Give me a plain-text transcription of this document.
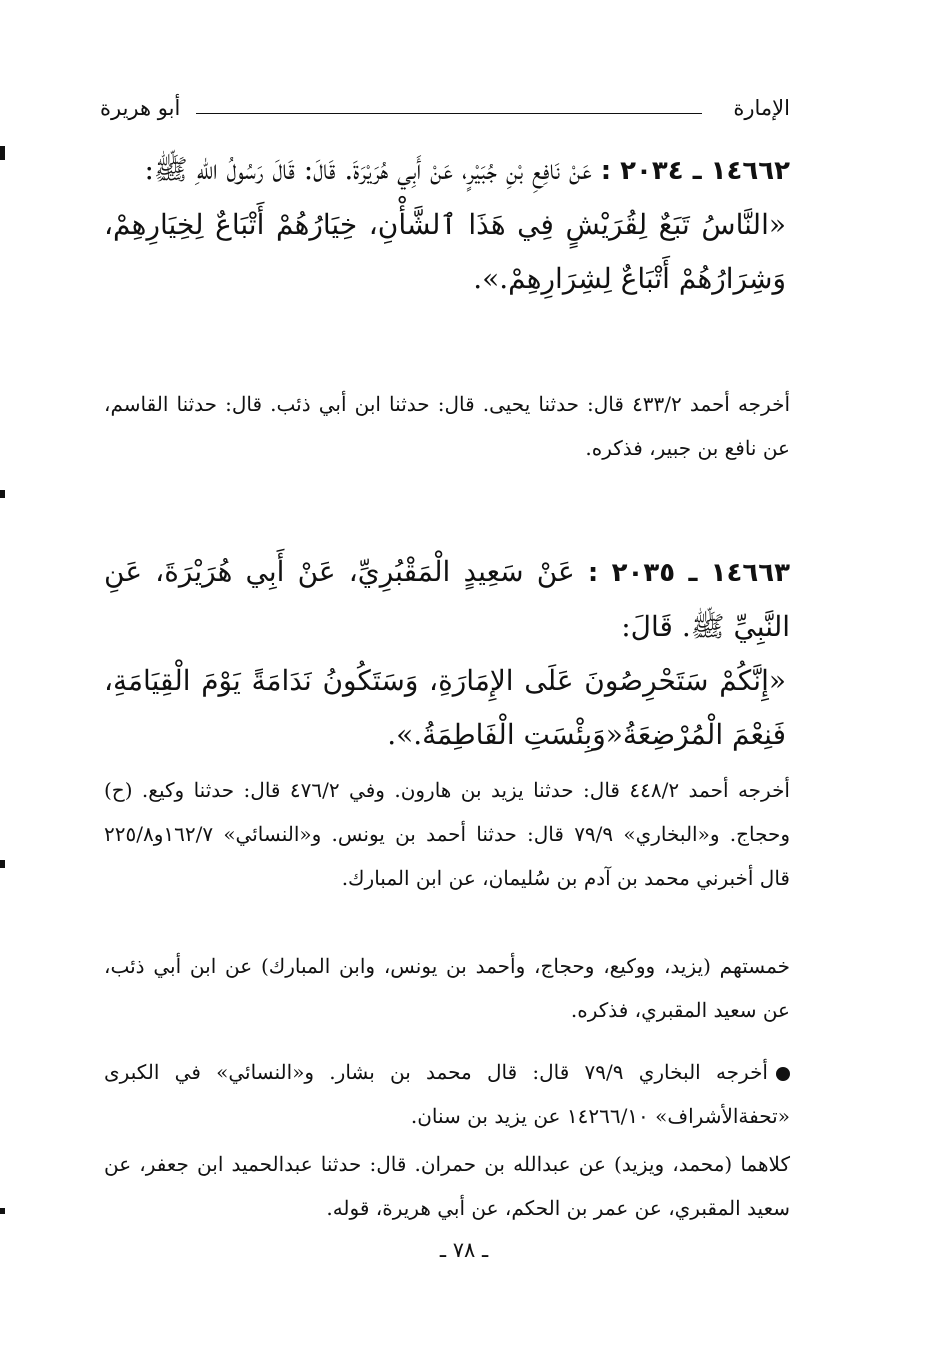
الإمارة
أبو هريرة
١٤٦٦٢ ـ ٢٠٣٤ : عَنْ نَافِعِ بْنِ جُبَيْرٍ، عَنْ أَبِي هُرَيْرَةَ. قَالَ: قَالَ رَسُولُ اللهِ ﷺ:
«النَّاسُ تَبَعٌ لِقُرَيْشٍ فِي هَذَا ٱلشَّأْنِ، خِيَارُهُمْ أَتْبَاعٌ لِخِيَارِهِمْ، وَشِرَارُهُمْ أَتْبَاعٌ لِشِرَارِهِمْ.».
أخرجه أحمد ٤٣٣/٢ قال: حدثنا يحيى. قال: حدثنا ابن أبي ذئب. قال: حدثنا القاسم، عن نافع بن جبير، فذكره.
١٤٦٦٣ ـ ٢٠٣٥ : عَنْ سَعِيدٍ الْمَقْبُرِيِّ، عَنْ أَبِي هُرَيْرَةَ، عَنِ النَّبِيِّ ﷺ. قَالَ:
«إِنَّكُمْ سَتَحْرِصُونَ عَلَى الإِمَارَةِ، وَسَتَكُونُ نَدَامَةً يَوْمَ الْقِيَامَةِ، فَنِعْمَ الْمُرْضِعَةُ«وَبِئْسَتِ الْفَاطِمَةُ.».
أخرجه أحمد ٤٤٨/٢ قال: حدثنا يزيد بن هارون. وفي ٤٧٦/٢ قال: حدثنا وكيع. (ح) وحجاج. و«البخاري» ٧٩/٩ قال: حدثنا أحمد بن يونس. و«النسائي» ١٦٢/٧و٢٢٥/٨ قال أخبرني محمد بن آدم بن سُليمان، عن ابن المبارك.
خمستهم (يزيد، ووكيع، وحجاج، وأحمد بن يونس، وابن المبارك) عن ابن أبي ذئب، عن سعيد المقبري، فذكره.
أخرجه البخاري ٧٩/٩ قال: قال محمد بن بشار. و«النسائي» في الكبرى «تحفةالأشراف» ١٤٢٦٦/١٠ عن يزيد بن سنان.
كلاهما (محمد، ويزيد) عن عبدالله بن حمران. قال: حدثنا عبدالحميد ابن جعفر، عن سعيد المقبري، عن عمر بن الحكم، عن أبي هريرة، قوله.
ـ ٧٨ ـ
